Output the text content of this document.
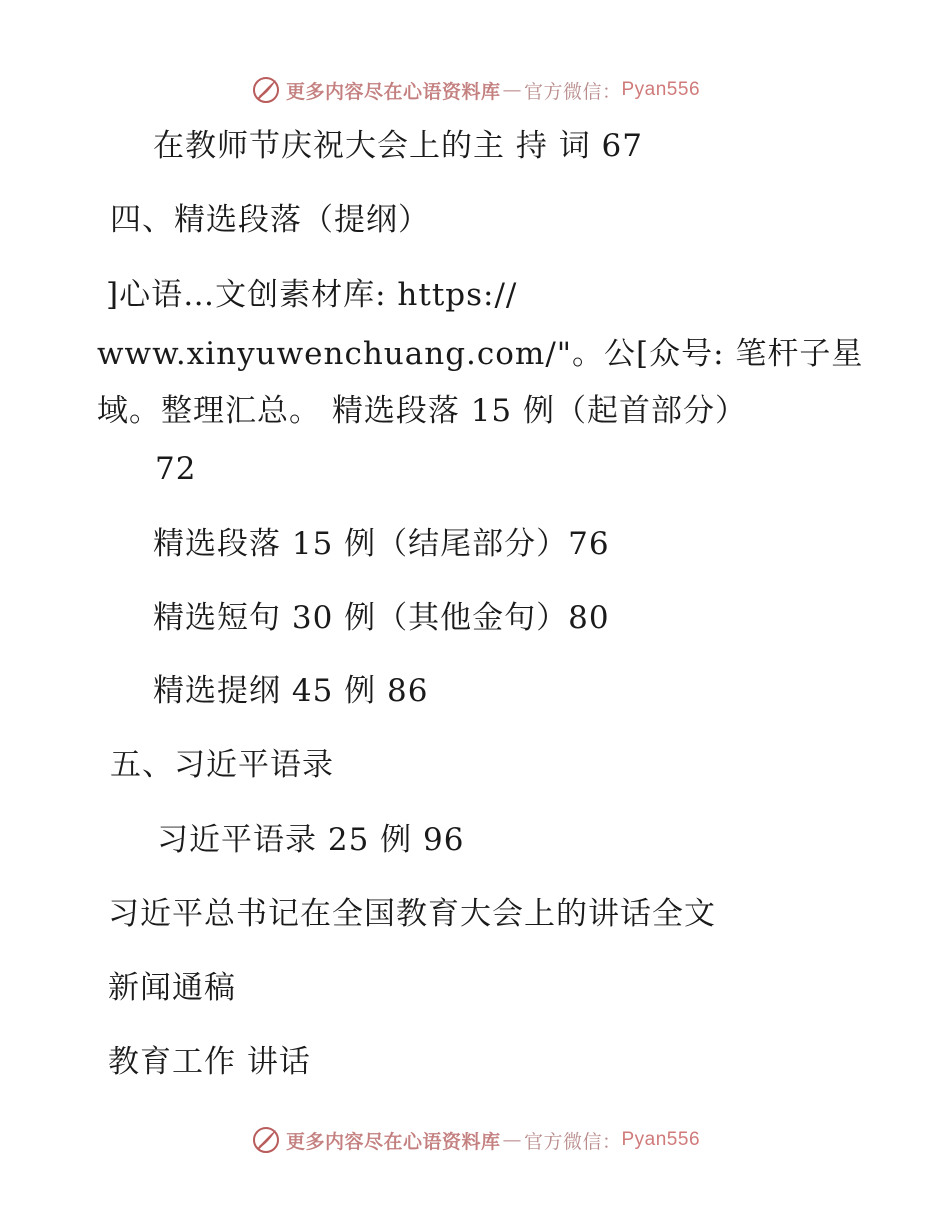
更多内容尽在心语资料库 — 官方微信： Pyan556
在教师节庆祝大会上的主 持 词 67
四、精选段落（提纲）
]心语…文创素材库: https://
www.xinyuwenchuang.com/"。公[众号: 笔杆子星
域。整理汇总。 精选段落 15 例（起首部分）
72
精选段落 15 例（结尾部分）76
精选短句 30 例（其他金句）80
精选提纲 45 例 86
五、习近平语录
习近平语录 25 例 96
习近平总书记在全国教育大会上的讲话全文
新闻通稿
教育工作 讲话
更多内容尽在心语资料库 — 官方微信： Pyan556
